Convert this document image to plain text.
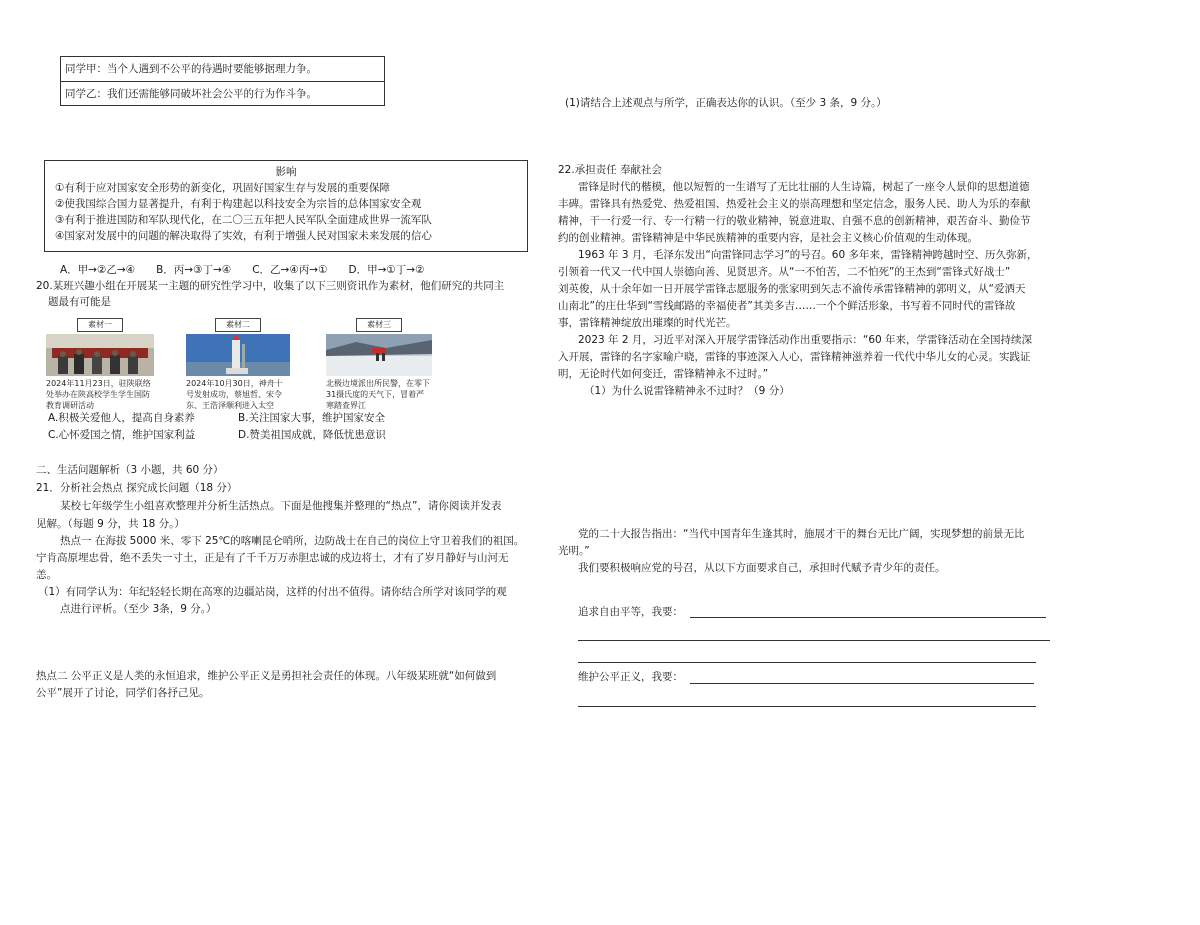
同学甲：当个人遇到不公平的待遇时要能够据理力争。
同学乙：我们还需能够同破坏社会公平的行为作斗争。
(1)请结合上述观点与所学，正确表达你的认识。（至少 3 条，9 分。）
影响
①有利于应对国家安全形势的新变化，巩固好国家生存与发展的重要保障
②使我国综合国力显著提升，有利于构建起以科技安全为宗旨的总体国家安全观
③有利于推进国防和军队现代化，在二〇三五年把人民军队全面建成世界一流军队
④国家对发展中的问题的解决取得了实效，有利于增强人民对国家未来发展的信心
A．甲→②乙→④　　B．丙→③丁→④　　C．乙→④丙→①　　D．甲→①丁→②
20.某班兴趣小组在开展某一主题的研究性学习中，收集了以下三则资讯作为素材，他们研究的共同主
题最有可能是
素材一
2024年11月23日，驻陕联络处举办在陕高校学生学生国防教育调研活动
素材二
2024年10月30日，神舟十号发射成功，蔡旭哲、宋令东、王浩泽顺利进入太空
素材三
北极边境派出所民警，在零下31摄氏度的天气下，冒着严寒踏查界江
A.积极关爱他人，提高自身素养	B.关注国家大事，维护国家安全
C.心怀爱国之情，维护国家利益	D.赞美祖国成就，降低忧患意识
二、生活问题解析（3 小题，共 60 分）
21．分析社会热点 探究成长问题（18 分）
某校七年级学生小组喜欢整理并分析生活热点。下面是他搜集并整理的“热点”，请你阅读并发表
见解。（每题 9 分，共 18 分。）
热点一 在海拔 5000 米、零下 25℃的喀喇昆仑哨所，边防战士在自己的岗位上守卫着我们的祖国。
宁肯高原埋忠骨，绝不丢失一寸土，正是有了千千万万赤胆忠诚的戍边将士，才有了岁月静好与山河无
恙。
（1）有同学认为：年纪轻轻长期在高寒的边疆站岗，这样的付出不值得。请你结合所学对该同学的观
点进行评析。（至少 3条，9 分。）
热点二 公平正义是人类的永恒追求，维护公平正义是勇担社会责任的体现。八年级某班就“如何做到
公平”展开了讨论，同学们各抒己见。
22.承担责任 奉献社会
雷锋是时代的楷模，他以短暂的一生谱写了无比壮丽的人生诗篇，树起了一座令人景仰的思想道德
丰碑。雷锋具有热爱党、热爱祖国、热爱社会主义的崇高理想和坚定信念，服务人民、助人为乐的奉献
精神，干一行爱一行、专一行精一行的敬业精神，锐意进取、自强不息的创新精神，艰苦奋斗、勤俭节
约的创业精神。雷锋精神是中华民族精神的重要内容，是社会主义核心价值观的生动体现。
1963 年 3 月，毛泽东发出“向雷锋同志学习”的号召。60 多年来，雷锋精神跨越时空、历久弥新，
引领着一代又一代中国人崇德向善、见贤思齐。从“一不怕苦，二不怕死”的王杰到“雷锋式好战士”
刘英俊，从十余年如一日开展学雷锋志愿服务的张家明到矢志不渝传承雷锋精神的郭明义，从“爱洒天
山南北”的庄仕华到“雪线邮路的幸福使者”其美多吉……一个个鲜活形象，书写着不同时代的雷锋故
事，雷锋精神绽放出璀璨的时代光芒。
2023 年 2 月，习近平对深入开展学雷锋活动作出重要指示：“60 年来，学雷锋活动在全国持续深
入开展，雷锋的名字家喻户晓，雷锋的事迹深入人心，雷锋精神滋养着一代代中华儿女的心灵。实践证
明，无论时代如何变迁，雷锋精神永不过时。”
（1）为什么说雷锋精神永不过时？（9 分）
党的二十大报告指出：“当代中国青年生逢其时，施展才干的舞台无比广阔，实现梦想的前景无比
光明。”
我们要积极响应党的号召，从以下方面要求自己，承担时代赋予青少年的责任。
追求自由平等，我要：
维护公平正义，我要：
